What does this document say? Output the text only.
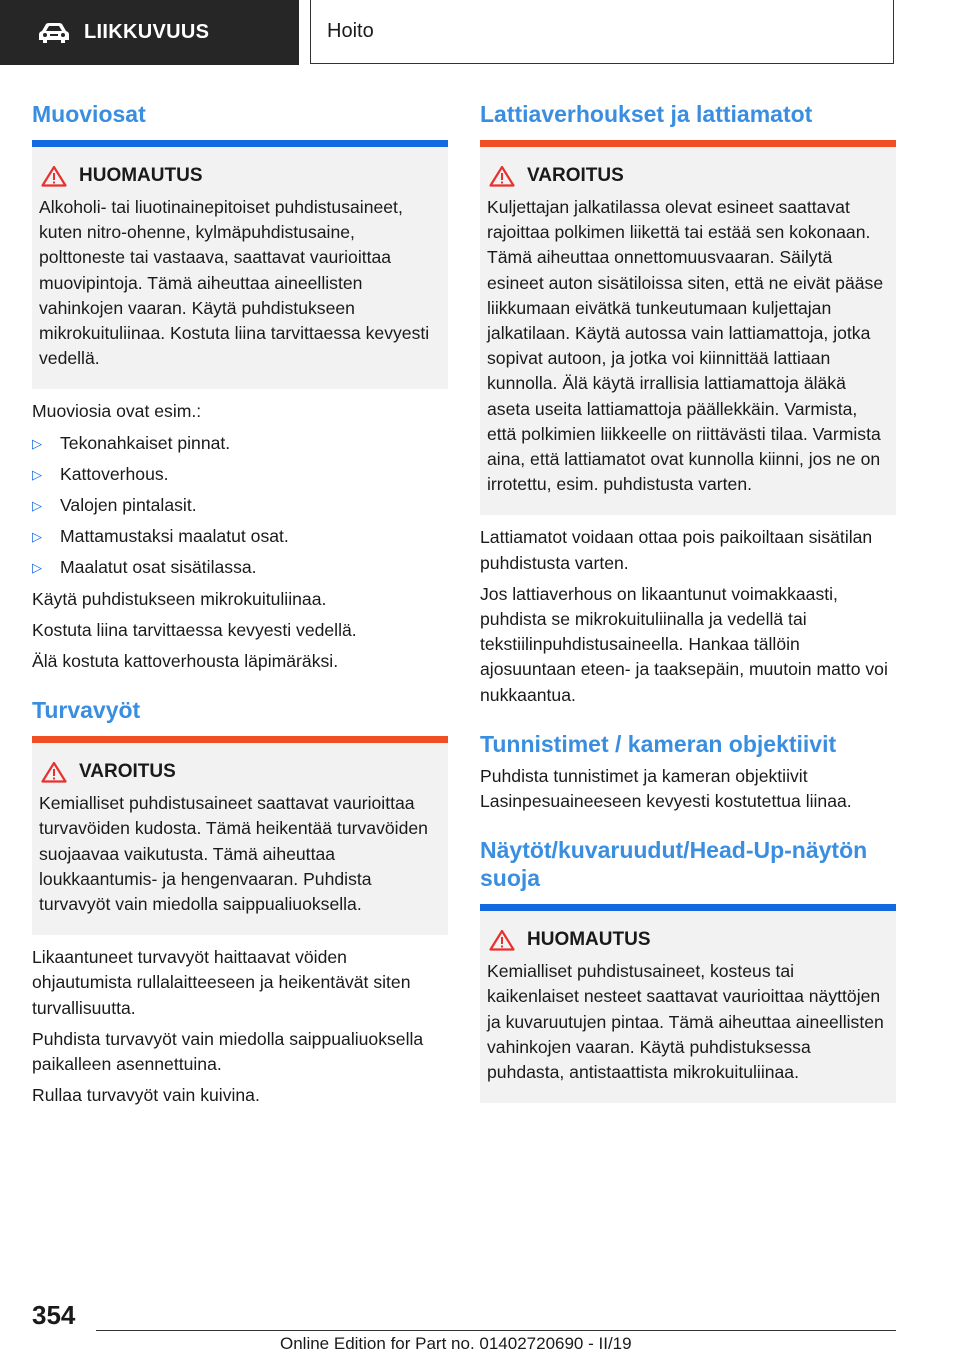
LIIKKUVUUS	Hoito
Muoviosat
HUOMAUTUS

Alkoholi- tai liuotinainepitoiset puhdistusaineet, kuten nitro-ohenne, kylmäpuhdistusaine, polttoneste tai vastaava, saattavat vaurioittaa muovipintoja. Tämä aiheuttaa aineellisten vahinkojen vaaran. Käytä puhdistukseen mikrokuituliinaa. Kostuta liina tarvittaessa kevyesti vedellä.

Muoviosia ovat esim.:

▷	Tekonahkaiset pinnat.
▷	Kattoverhous.
▷	Valojen pintalasit.
▷	Mattamustaksi maalatut osat.
▷	Maalatut osat sisätilassa.

Käytä puhdistukseen mikrokuituliinaa.

Kostuta liina tarvittaessa kevyesti vedellä.

Älä kostuta kattoverhousta läpimäräksi.

Turvavyöt
VAROITUS

Kemialliset puhdistusaineet saattavat vaurioittaa turvavöiden kudosta. Tämä heikentää turvavöiden suojaavaa vaikutusta. Tämä aiheuttaa loukkaantumis- ja hengenvaaran. Puhdista turvavyöt vain miedolla saippualiuoksella.

Likaantuneet turvavyöt haittaavat vöiden ohjautumista rullalaitteeseen ja heikentävät siten turvallisuutta.

Puhdista turvavyöt vain miedolla saippualiuoksella paikalleen asennettuina.

Rullaa turvavyöt vain kuivina.

Lattiaverhoukset ja lattiamatot
VAROITUS

Kuljettajan jalkatilassa olevat esineet saattavat rajoittaa polkimen liikettä tai estää sen kokonaan. Tämä aiheuttaa onnettomuusvaaran. Säilytä esineet auton sisätiloissa siten, että ne eivät pääse liikkumaan eivätkä tunkeutumaan kuljettajan jalkatilaan. Käytä autossa vain lattiamattoja, jotka sopivat autoon, ja jotka voi kiinnittää lattiaan kunnolla. Älä käytä irrallisia lattiamattoja äläkä aseta useita lattiamattoja päällekkäin. Varmista, että polkimien liikkeelle on riittävästi tilaa. Varmista aina, että lattiamatot ovat kunnolla kiinni, jos ne on irrotettu, esim. puhdistusta varten.

Lattiamatot voidaan ottaa pois paikoiltaan sisätilan puhdistusta varten.

Jos lattiaverhous on likaantunut voimakkaasti, puhdista se mikrokuituliinalla ja vedellä tai tekstiilinpuhdistusaineella. Hankaa tällöin ajosuuntaan eteen- ja taaksepäin, muutoin matto voi nukkaantua.

Tunnistimet / kameran objektiivit

Puhdista tunnistimet ja kameran objektiivit Lasinpesuaineeseen kevyesti kostutettua liinaa.

Näytöt/kuvaruudut/Head-Up-näytön suoja
HUOMAUTUS

Kemialliset puhdistusaineet, kosteus tai kaikenlaiset nesteet saattavat vaurioittaa näyttöjen ja kuvaruutujen pintaa. Tämä aiheuttaa aineellisten vahinkojen vaaran. Käytä puhdistuksessa puhdasta, antistaattista mikrokuituliinaa.

354
Online Edition for Part no. 01402720690 - II/19
